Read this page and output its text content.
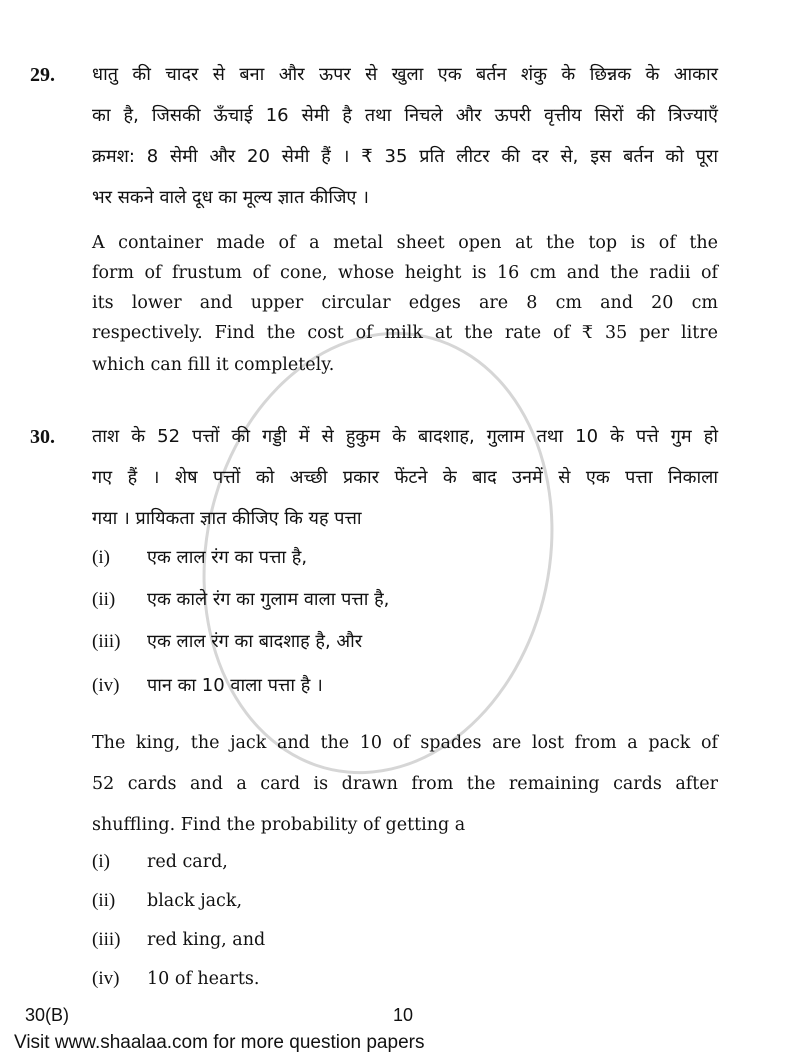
29. धातु की चादर से बना और ऊपर से खुला एक बर्तन शंकु के छिन्नक के आकार
का है, जिसकी ऊँचाई 16 सेमी है तथा निचले और ऊपरी वृत्तीय सिरों की त्रिज्याएँ
क्रमश: 8 सेमी और 20 सेमी हैं । ₹ 35 प्रति लीटर की दर से, इस बर्तन को पूरा
भर सकने वाले दूध का मूल्य ज्ञात कीजिए ।
A container made of a metal sheet open at the top is of the
form of frustum of cone, whose height is 16 cm and the radii of
its lower and upper circular edges are 8 cm and 20 cm
respectively. Find the cost of milk at the rate of ₹ 35 per litre
which can fill it completely.
30. ताश के 52 पत्तों की गड्डी में से हुकुम के बादशाह, गुलाम तथा 10 के पत्ते गुम हो
गए हैं । शेष पत्तों को अच्छी प्रकार फेंटने के बाद उनमें से एक पत्ता निकाला
गया । प्रायिकता ज्ञात कीजिए कि यह पत्ता
(i)	एक लाल रंग का पत्ता है,
(ii)	एक काले रंग का गुलाम वाला पत्ता है,
(iii)	एक लाल रंग का बादशाह है, और
(iv)	पान का 10 वाला पत्ता है ।
The king, the jack and the 10 of spades are lost from a pack of
52 cards and a card is drawn from the remaining cards after
shuffling. Find the probability of getting a
(i)	red card,
(ii)	black jack,
(iii)	red king, and
(iv)	10 of hearts.
30(B)	10
Visit www.shaalaa.com for more question papers
